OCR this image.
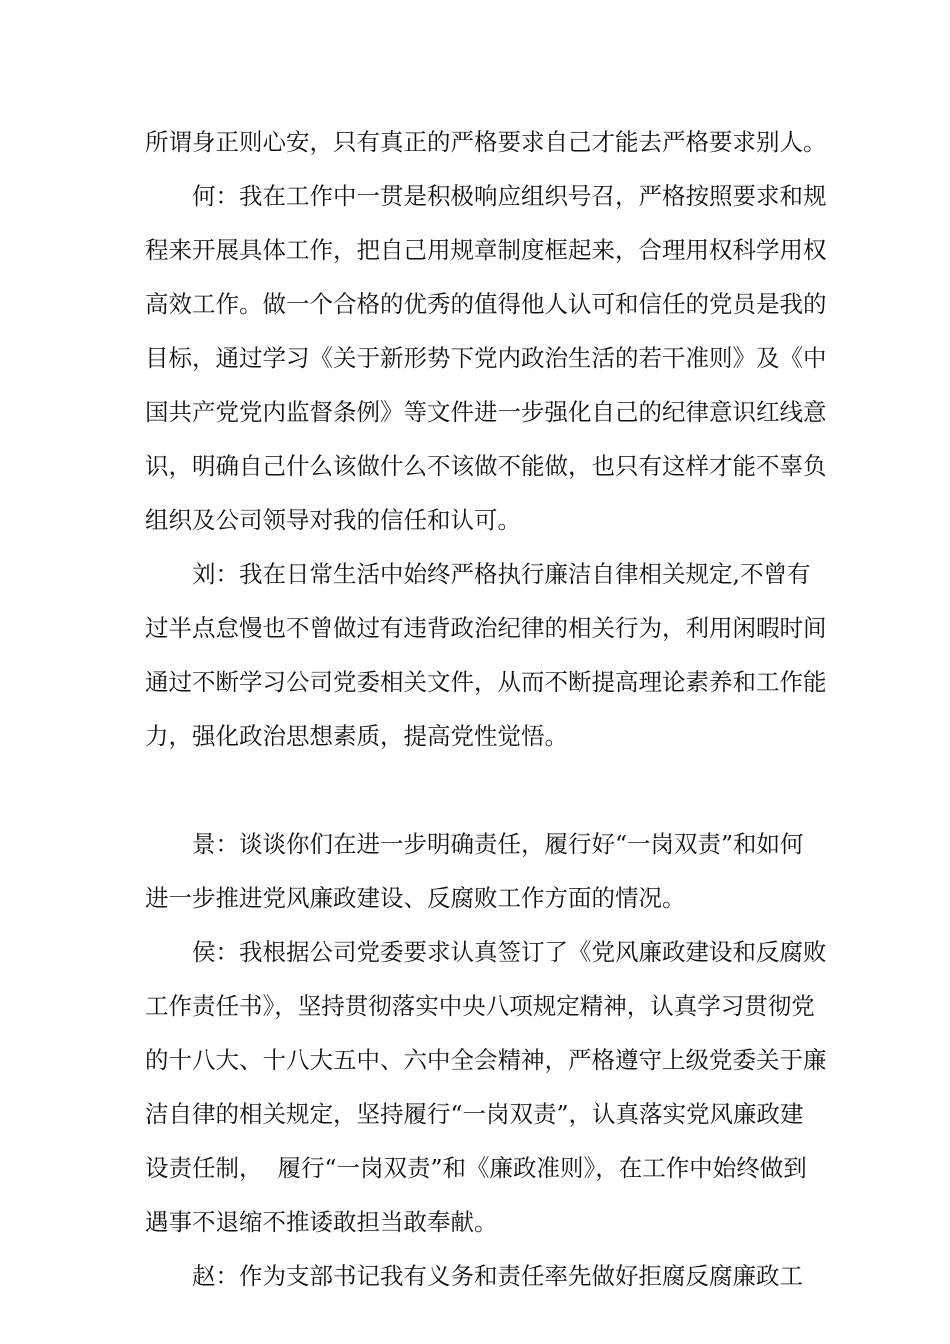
所谓身正则心安，只有真正的严格要求自己才能去严格要求别人。
何：我在工作中一贯是积极响应组织号召，严格按照要求和规
程来开展具体工作，把自己用规章制度框起来，合理用权科学用权
高效工作。做一个合格的优秀的值得他人认可和信任的党员是我的
目标，通过学习《关于新形势下党内政治生活的若干准则》及《中
国共产党党内监督条例》等文件进一步强化自己的纪律意识红线意
识，明确自己什么该做什么不该做不能做，也只有这样才能不辜负
组织及公司领导对我的信任和认可。
刘：我在日常生活中始终严格执行廉洁自律相关规定,不曾有
过半点怠慢也不曾做过有违背政治纪律的相关行为，利用闲暇时间
通过不断学习公司党委相关文件，从而不断提高理论素养和工作能
力，强化政治思想素质，提高党性觉悟。
景：谈谈你们在进一步明确责任，履行好“一岗双责”和如何
进一步推进党风廉政建设、反腐败工作方面的情况。
侯：我根据公司党委要求认真签订了《党风廉政建设和反腐败
工作责任书》，坚持贯彻落实中央八项规定精神，认真学习贯彻党
的十八大、十八大五中、六中全会精神，严格遵守上级党委关于廉
洁自律的相关规定，坚持履行“一岗双责”，认真落实党风廉政建
设责任制，  履行“一岗双责”和《廉政准则》，在工作中始终做到
遇事不退缩不推诿敢担当敢奉献。
赵：作为支部书记我有义务和责任率先做好拒腐反腐廉政工
